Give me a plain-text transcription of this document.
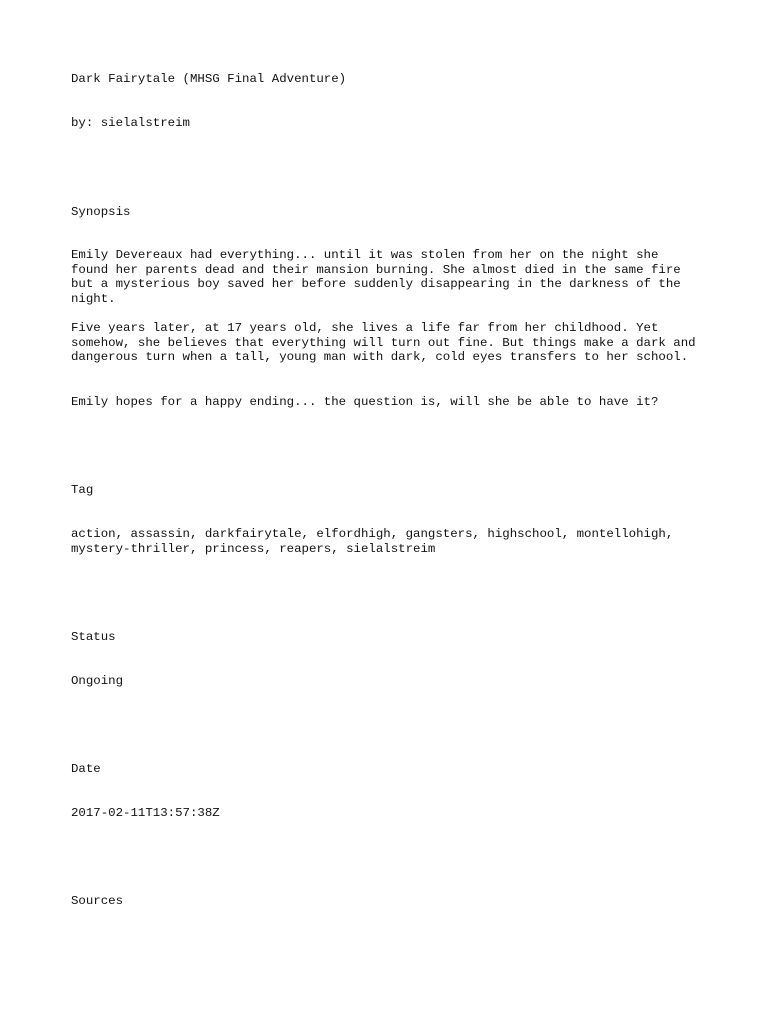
Dark Fairytale (MHSG Final Adventure)

by: sielalstreim

Synopsis

Emily Devereaux had everything... until it was stolen from her on the night she found her parents dead and their mansion burning. She almost died in the same fire but a mysterious boy saved her before suddenly disappearing in the darkness of the night.

Five years later, at 17 years old, she lives a life far from her childhood. Yet somehow, she believes that everything will turn out fine. But things make a dark and dangerous turn when a tall, young man with dark, cold eyes transfers to her school.

Emily hopes for a happy ending... the question is, will she be able to have it?

Tag

action, assassin, darkfairytale, elfordhigh, gangsters, highschool, montellohigh, mystery-thriller, princess, reapers, sielalstreim

Status

Ongoing

Date

2017-02-11T13:57:38Z

Sources
